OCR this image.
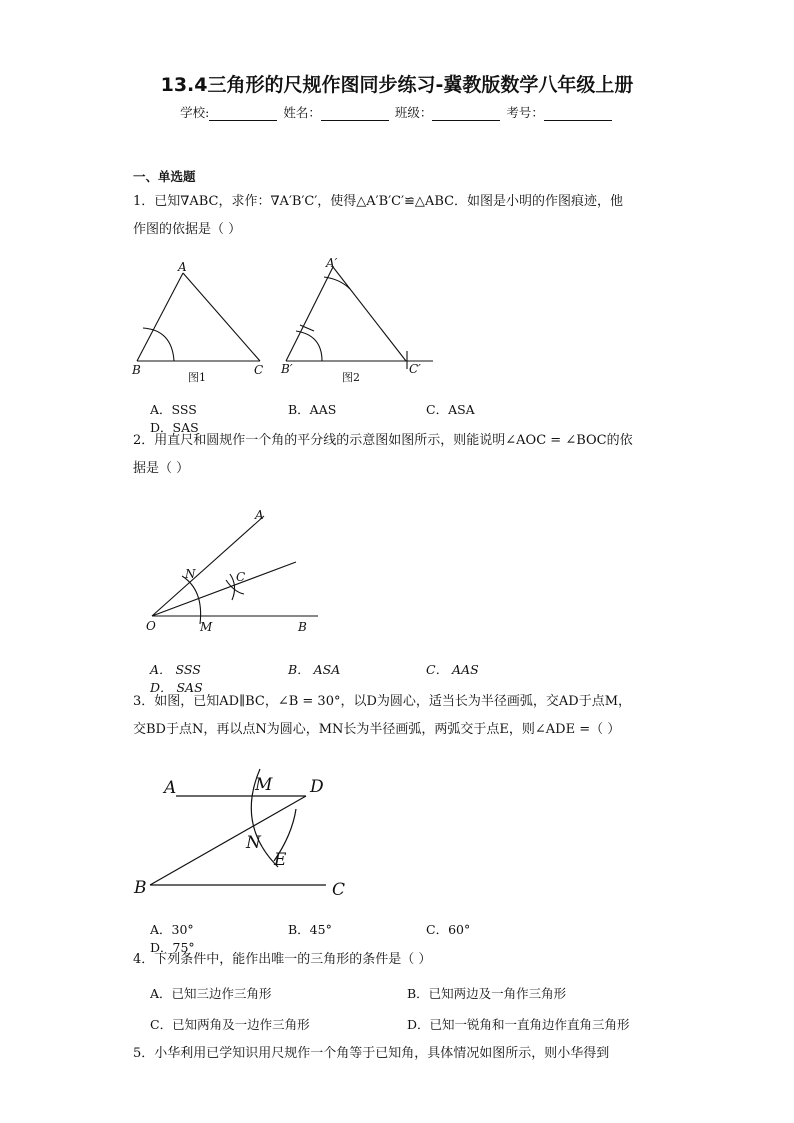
13.4三角形的尺规作图同步练习-冀教版数学八年级上册
学校:	姓名：	班级：	考号：
一、单选题
1．已知∇ABC，求作：∇A′B′C′，使得△A′B′C′≌△ABC．如图是小明的作图痕迹，他
作图的依据是（ ）
A
B	C
图1
A′
B′	C′
图2
A．SSS	B．AAS	C．ASAD．SAS
2．用直尺和圆规作一个角的平分线的示意图如图所示，则能说明∠AOC = ∠BOC的依
据是（ ）
A
N	C
O	M	B
A． SSS	B． ASA	C． AASD． SAS
3．如图，已知AD∥BC，∠B = 30°，以D为圆心，适当长为半径画弧，交AD于点M，
交BD于点N，再以点N为圆心，MN长为半径画弧，两弧交于点E，则∠ADE =（ ）
A	M D
N
E
B	C
A．30°	B．45°	C．60°D．75°
4．下列条件中，能作出唯一的三角形的条件是（ ）
A．已知三边作三角形	B．已知两边及一角作三角形
C．已知两角及一边作三角形	D．已知一锐角和一直角边作直角三角形
5．小华利用已学知识用尺规作一个角等于已知角，具体情况如图所示，则小华得到
